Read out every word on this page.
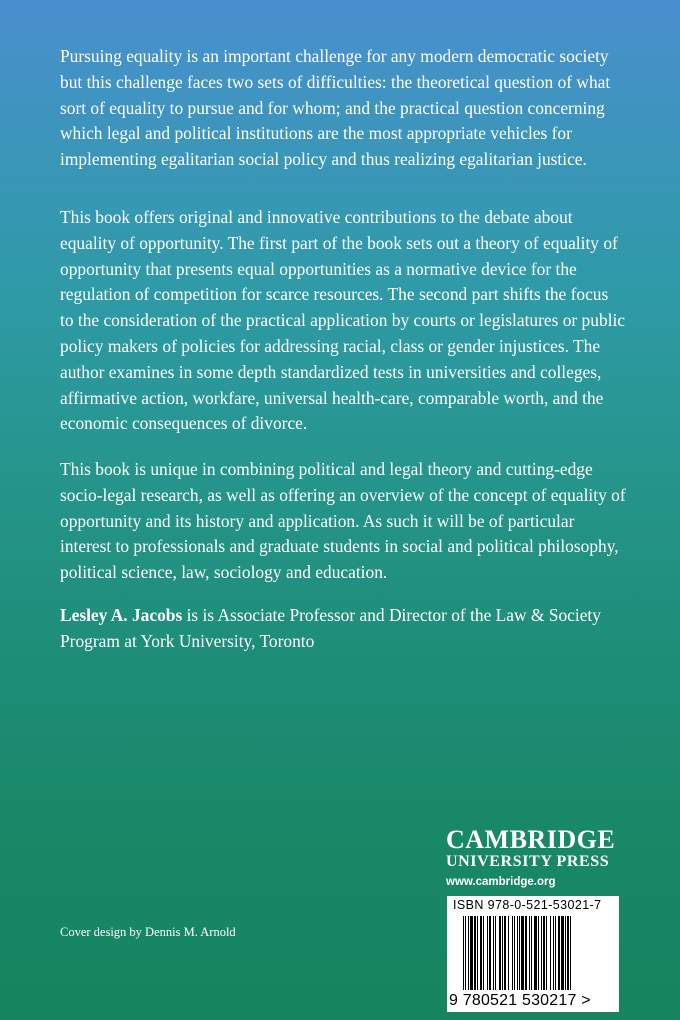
Pursuing equality is an important challenge for any modern democratic society but this challenge faces two sets of difficulties: the theoretical question of what sort of equality to pursue and for whom; and the practical question concerning which legal and political institutions are the most appropriate vehicles for implementing egalitarian social policy and thus realizing egalitarian justice.

This book offers original and innovative contributions to the debate about equality of opportunity. The first part of the book sets out a theory of equality of opportunity that presents equal opportunities as a normative device for the regulation of competition for scarce resources. The second part shifts the focus to the consideration of the practical application by courts or legislatures or public policy makers of policies for addressing racial, class or gender injustices. The author examines in some depth standardized tests in universities and colleges, affirmative action, workfare, universal health-care, comparable worth, and the economic consequences of divorce.

This book is unique in combining political and legal theory and cutting-edge socio-legal research, as well as offering an overview of the concept of equality of opportunity and its history and application. As such it will be of particular interest to professionals and graduate students in social and political philosophy, political science, law, sociology and education.

Lesley A. Jacobs is is Associate Professor and Director of the Law & Society Program at York University, Toronto

CAMBRIDGE
UNIVERSITY PRESS
www.cambridge.org
ISBN 978-0-521-53021-7
9 780521 530217 >
Cover design by Dennis M. Arnold
